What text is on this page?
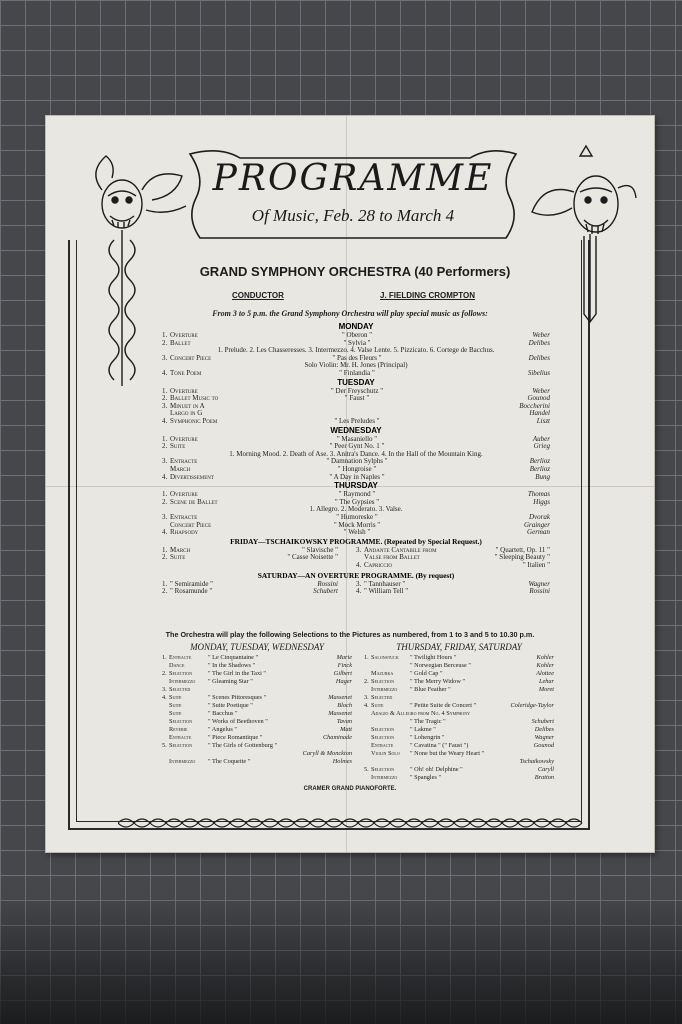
PROGRAMME
Of Music, Feb. 28 to March 4
GRAND SYMPHONY ORCHESTRA (40 Performers)
CONDUCTOR	J. FIELDING CROMPTON
From 3 to 5 p.m. the Grand Symphony Orchestra will play special music as follows:
MONDAY
1. Overture	" Oberon "	Weber
2. Ballet	" Sylvia "	Delibes
1. Prelude. 2. Les Chasseresses. 3. Intermezzo. 4. Valse Lente. 5. Pizzicato. 6. Cortege de Bacchus.
3. Concert Piece	" Pas des Fleurs "	Delibes
Solo Violin: Mr. H. Jones (Principal)
4. Tone Poem	" Finlandia "	Sibelius
TUESDAY
1. Overture	" Der Freyschutz "	Weber
2. Ballet Music to	" Faust "	Gounod
3. Minuet in A	Boccherini
Largo in G	Handel
4. Symphonic Poem	" Les Preludes "	Liszt
WEDNESDAY
1. Overture	" Masaniello "	Auber
2. Suite	" Peer Gynt No. 1 "	Grieg
1. Morning Mood. 2. Death of Ase. 3. Anitra's Dance. 4. In the Hall of the Mountain King.
3. Entracte	" Damnation Sylphs "	Berlioz
March	" Hongroise "	Berlioz
4. Divertissement	" A Day in Naples "	Bung
THURSDAY
1. Overture	" Raymond "	Thomas
2. Scene de Ballet	" The Gypsies "	Higgs
1. Allegro. 2. Moderato. 3. Valse.
3. Entracte	" Humoreske "	Dvorak
Concert Piece	" Mock Morris "	Grainger
4. Rhapsody	" Welsh "	German
FRIDAY—TSCHAIKOWSKY PROGRAMME. (Repeated by Special Request.)
1. March	" Slavische "
2. Suite	" Casse Noisette "
3. Andante Cantabile from	" Quartett, Op. 11 "
Valse from Ballet	" Sleeping Beauty "
4. Capriccio	" Italien "
SATURDAY—AN OVERTURE PROGRAMME. (By request)
1. " Semiramide "	Rossini
2. " Rosamunde "	Schubert
3. " Tannhauser "	Wagner
4. " William Tell "	Rossini
The Orchestra will play the following Selections to the Pictures as numbered, from 1 to 3 and 5 to 10.30 p.m.
MONDAY, TUESDAY, WEDNESDAY	THURSDAY, FRIDAY, SATURDAY
1. Entracte	" Le Cinquantaine "	Marie
Dance	" In the Shadows "	Finck
2. Selection	" The Girl in the Taxi "	Gilbert
Intermezzo " Gleaming Star "	Hager
3. Selected
4. Suite	" Scenes Pittoresques "	Massenet
Suite	" Suite Poetique "	Bloch
Suite	" Bacchus "	Massenet
Selection	" Works of Beethoven "	Tavan
Reverie	" Angelus "	Matt
Entracte	" Piece Romantique "	Chaminade
5. Selection	" The Girls of Gottenburg "
Caryll & Monckton
Intermezzo " The Coquette "	Holmes
1. Salonstuck " Twilight Hours "	Kohler
" Norwegian Berceuse "	Kohler
Mazurka	" Gold Cap "	Alottee
2. Selection	" The Merry Widow "	Lehar
Intermezzo " Blue Feather "	Moret
3. Selected
4. Suite	" Petite Suite de Concert "	Coleridge-Taylor
Adagio & Allegro from No. 4 Symphony
" The Tragic "	Schubert
Selection	" Lakme "	Delibes
Selection	" Lohengrin "	Wagner
Entracte	" Cavatina " (" Faust ")	Gounod
Violin Solo " None but the Weary Heart "
Tschaikowsky
5. Selection	" Oh! oh! Delphine "	Caryll
Intermezzo " Spangles "	Bratton
CRAMER GRAND PIANOFORTE.
